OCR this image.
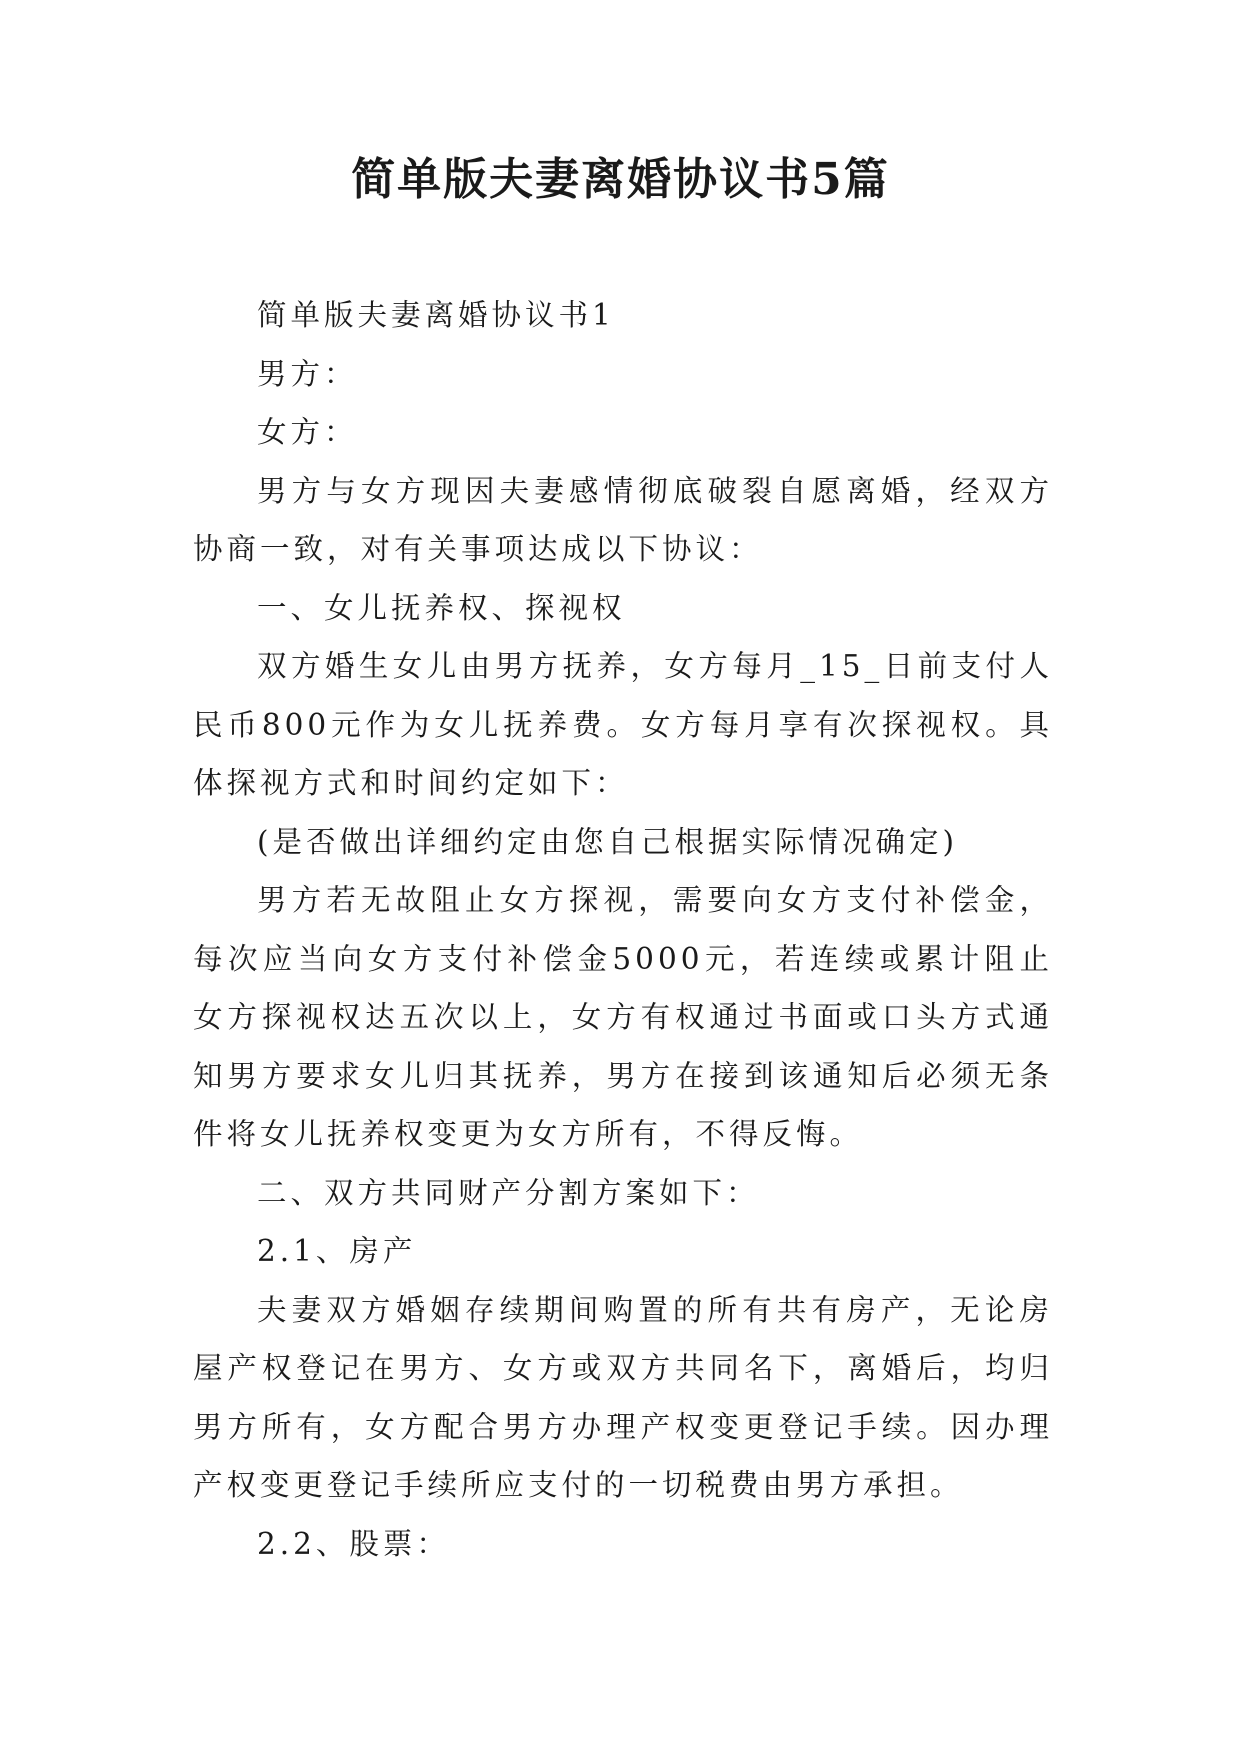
简单版夫妻离婚协议书5篇

简单版夫妻离婚协议书1

男方：

女方：

男方与女方现因夫妻感情彻底破裂自愿离婚，经双方协商一致，对有关事项达成以下协议：

一、女儿抚养权、探视权

双方婚生女儿由男方抚养，女方每月_15_日前支付人民币800元作为女儿抚养费。女方每月享有次探视权。具体探视方式和时间约定如下：

(是否做出详细约定由您自己根据实际情况确定)

男方若无故阻止女方探视，需要向女方支付补偿金，每次应当向女方支付补偿金5000元，若连续或累计阻止女方探视权达五次以上，女方有权通过书面或口头方式通知男方要求女儿归其抚养，男方在接到该通知后必须无条件将女儿抚养权变更为女方所有，不得反悔。

二、双方共同财产分割方案如下：

2.1、房产

夫妻双方婚姻存续期间购置的所有共有房产，无论房屋产权登记在男方、女方或双方共同名下，离婚后，均归男方所有，女方配合男方办理产权变更登记手续。因办理产权变更登记手续所应支付的一切税费由男方承担。

2.2、股票：
